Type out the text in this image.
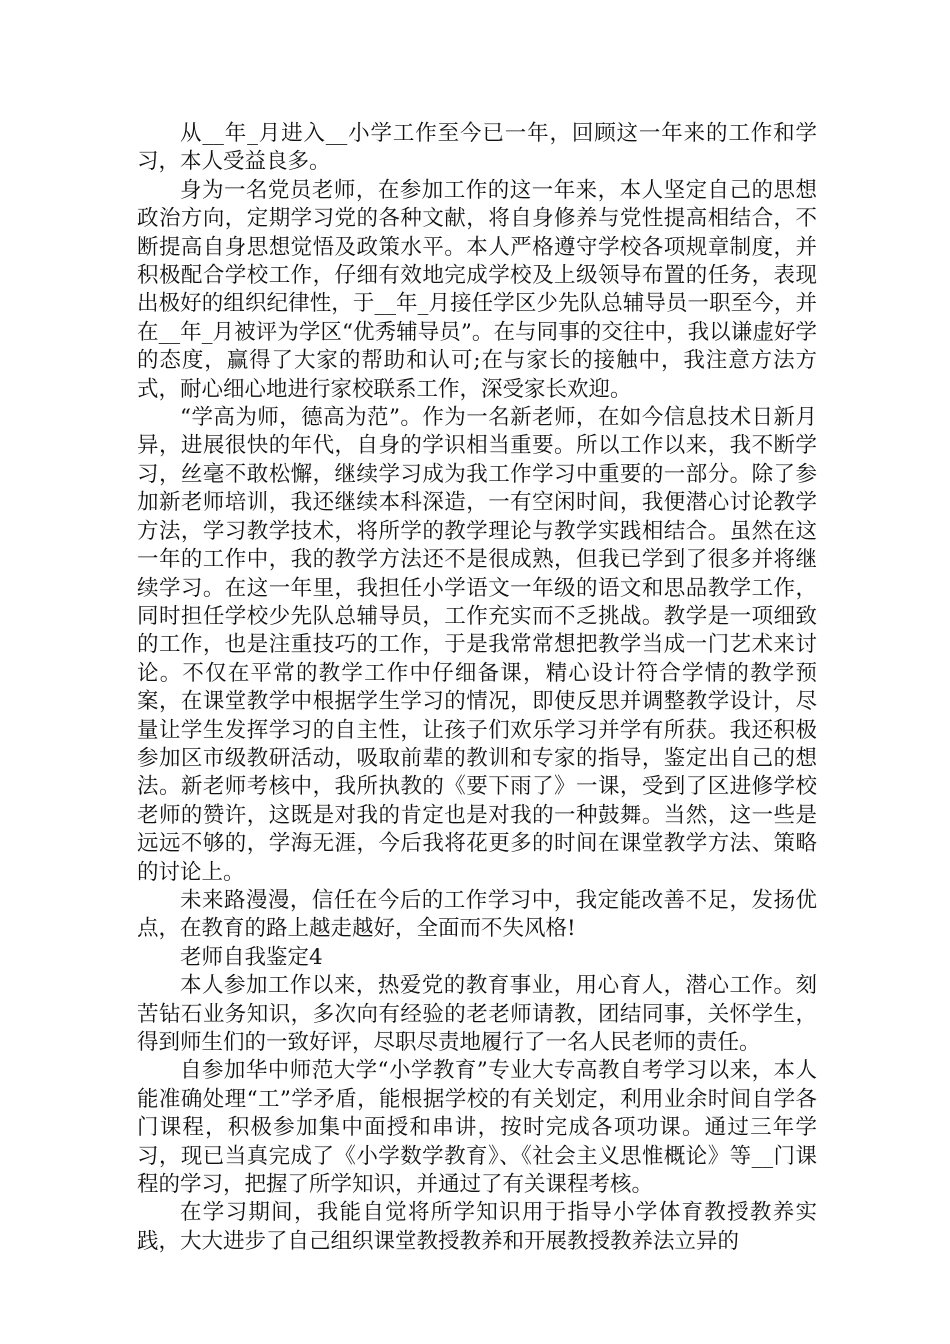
从__年_月进入__小学工作至今已一年，回顾这一年来的工作和学习，本人受益良多。

身为一名党员老师，在参加工作的这一年来，本人坚定自己的思想政治方向，定期学习党的各种文献，将自身修养与党性提高相结合，不断提高自身思想觉悟及政策水平。本人严格遵守学校各项规章制度，并积极配合学校工作，仔细有效地完成学校及上级领导布置的任务，表现出极好的组织纪律性，于__年_月接任学区少先队总辅导员一职至今，并在__年_月被评为学区“优秀辅导员”。在与同事的交往中，我以谦虚好学的态度，赢得了大家的帮助和认可;在与家长的接触中，我注意方法方式，耐心细心地进行家校联系工作，深受家长欢迎。

“学高为师，德高为范”。作为一名新老师，在如今信息技术日新月异，进展很快的年代，自身的学识相当重要。所以工作以来，我不断学习，丝毫不敢松懈，继续学习成为我工作学习中重要的一部分。除了参加新老师培训，我还继续本科深造，一有空闲时间，我便潜心讨论教学方法，学习教学技术，将所学的教学理论与教学实践相结合。虽然在这一年的工作中，我的教学方法还不是很成熟，但我已学到了很多并将继续学习。在这一年里，我担任小学语文一年级的语文和思品教学工作，同时担任学校少先队总辅导员，工作充实而不乏挑战。教学是一项细致的工作，也是注重技巧的工作，于是我常常想把教学当成一门艺术来讨论。不仅在平常的教学工作中仔细备课，精心设计符合学情的教学预案，在课堂教学中根据学生学习的情况，即使反思并调整教学设计，尽量让学生发挥学习的自主性，让孩子们欢乐学习并学有所获。我还积极参加区市级教研活动，吸取前辈的教训和专家的指导，鉴定出自己的想法。新老师考核中，我所执教的《要下雨了》一课，受到了区进修学校老师的赞许，这既是对我的肯定也是对我的一种鼓舞。当然，这一些是远远不够的，学海无涯，今后我将花更多的时间在课堂教学方法、策略的讨论上。

未来路漫漫，信任在今后的工作学习中，我定能改善不足，发扬优点，在教育的路上越走越好，全面而不失风格!

老师自我鉴定4

本人参加工作以来，热爱党的教育事业，用心育人，潜心工作。刻苦钻石业务知识，多次向有经验的老老师请教，团结同事，关怀学生，得到师生们的一致好评，尽职尽责地履行了一名人民老师的责任。

自参加华中师范大学“小学教育”专业大专高教自考学习以来，本人能准确处理“工”学矛盾，能根据学校的有关划定，利用业余时间自学各门课程，积极参加集中面授和串讲，按时完成各项功课。通过三年学习，现已当真完成了《小学数学教育》、《社会主义思惟概论》等__门课程的学习，把握了所学知识，并通过了有关课程考核。

在学习期间，我能自觉将所学知识用于指导小学体育教授教养实践，大大进步了自己组织课堂教授教养和开展教授教养法立异的
